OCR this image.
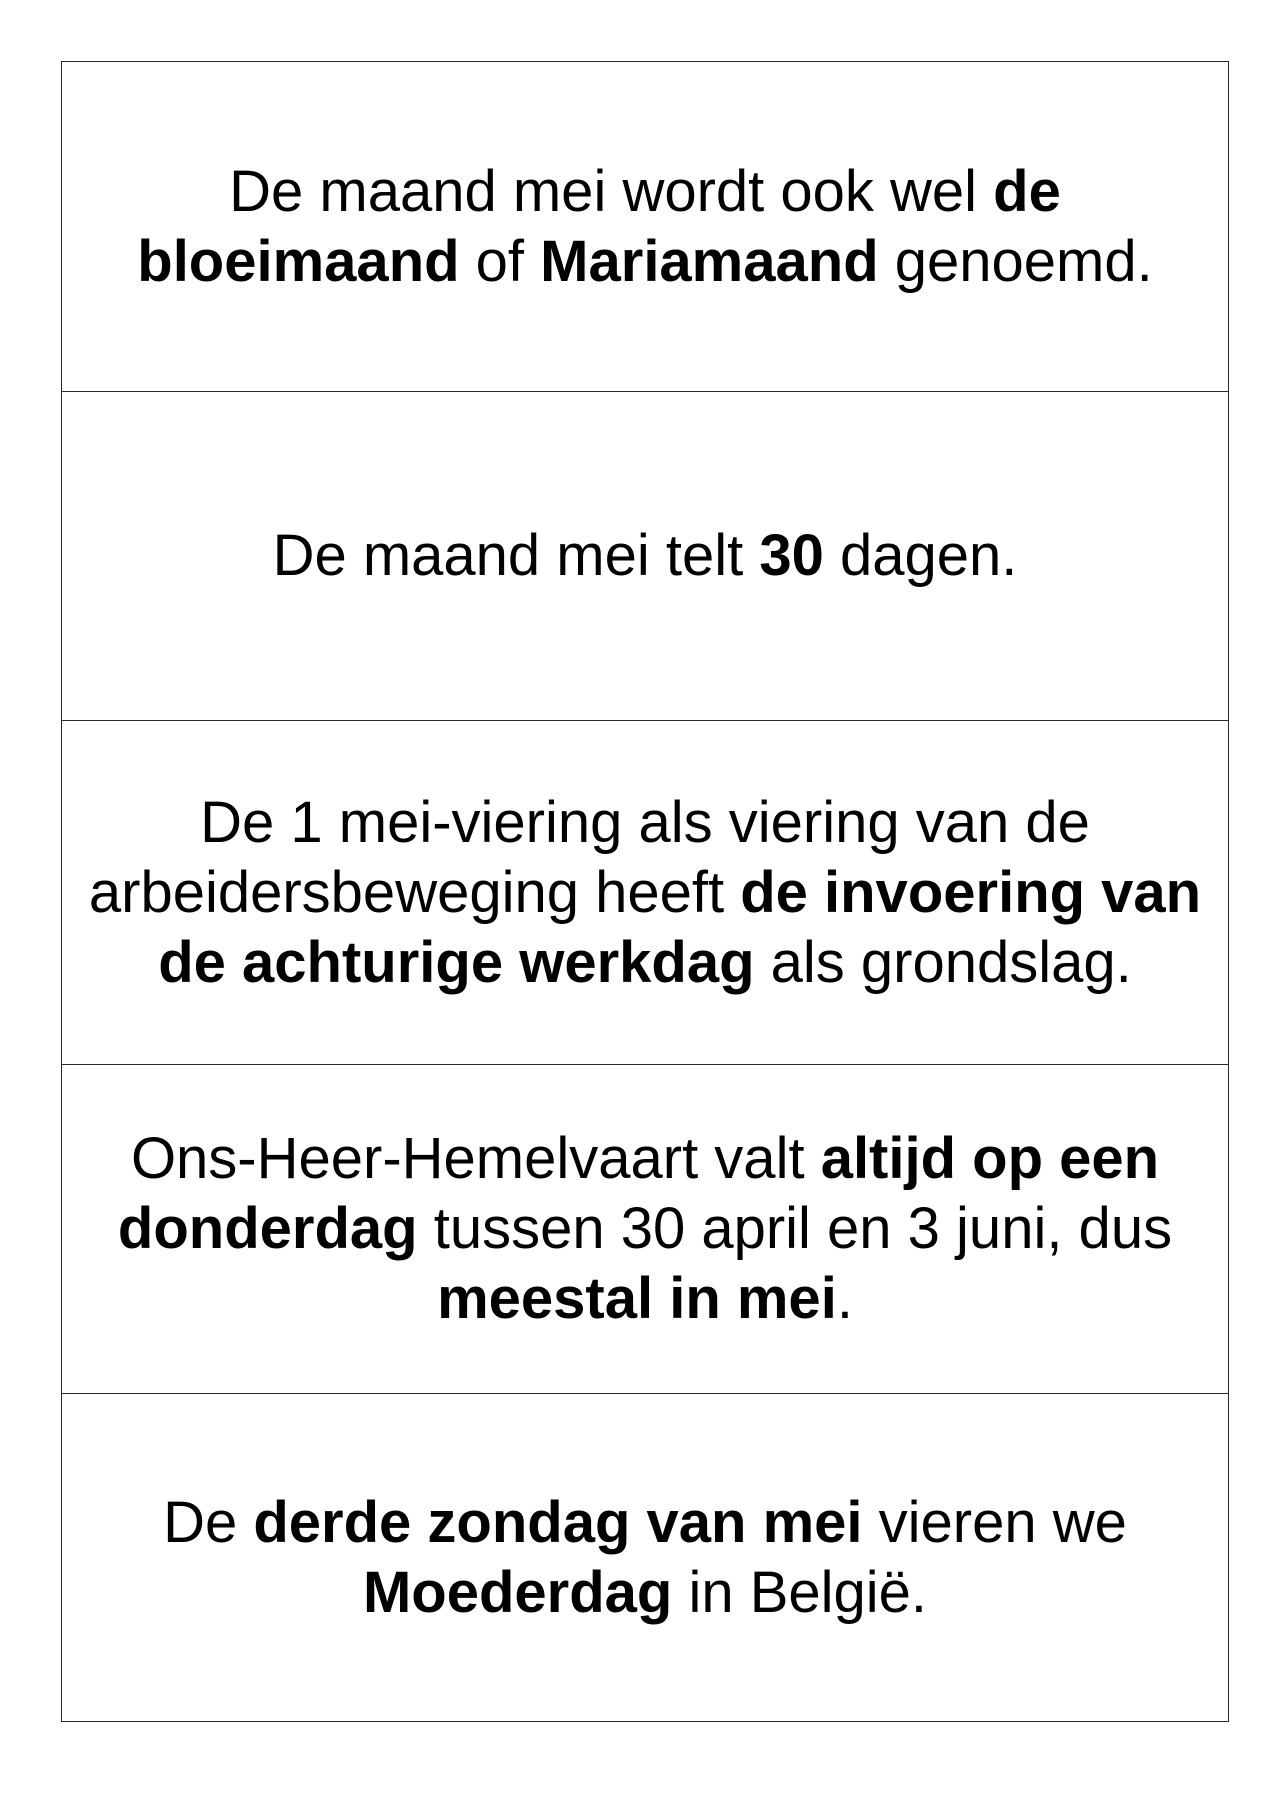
De maand mei wordt ook wel de
bloeimaand of Mariamaand genoemd.
De maand mei telt 30 dagen.
De 1 mei-viering als viering van de
arbeidersbeweging heeft de invoering van
de achturige werkdag als grondslag.
Ons-Heer-Hemelvaart valt altijd op een
donderdag tussen 30 april en 3 juni, dus
meestal in mei.
De derde zondag van mei vieren we
Moederdag in België.
